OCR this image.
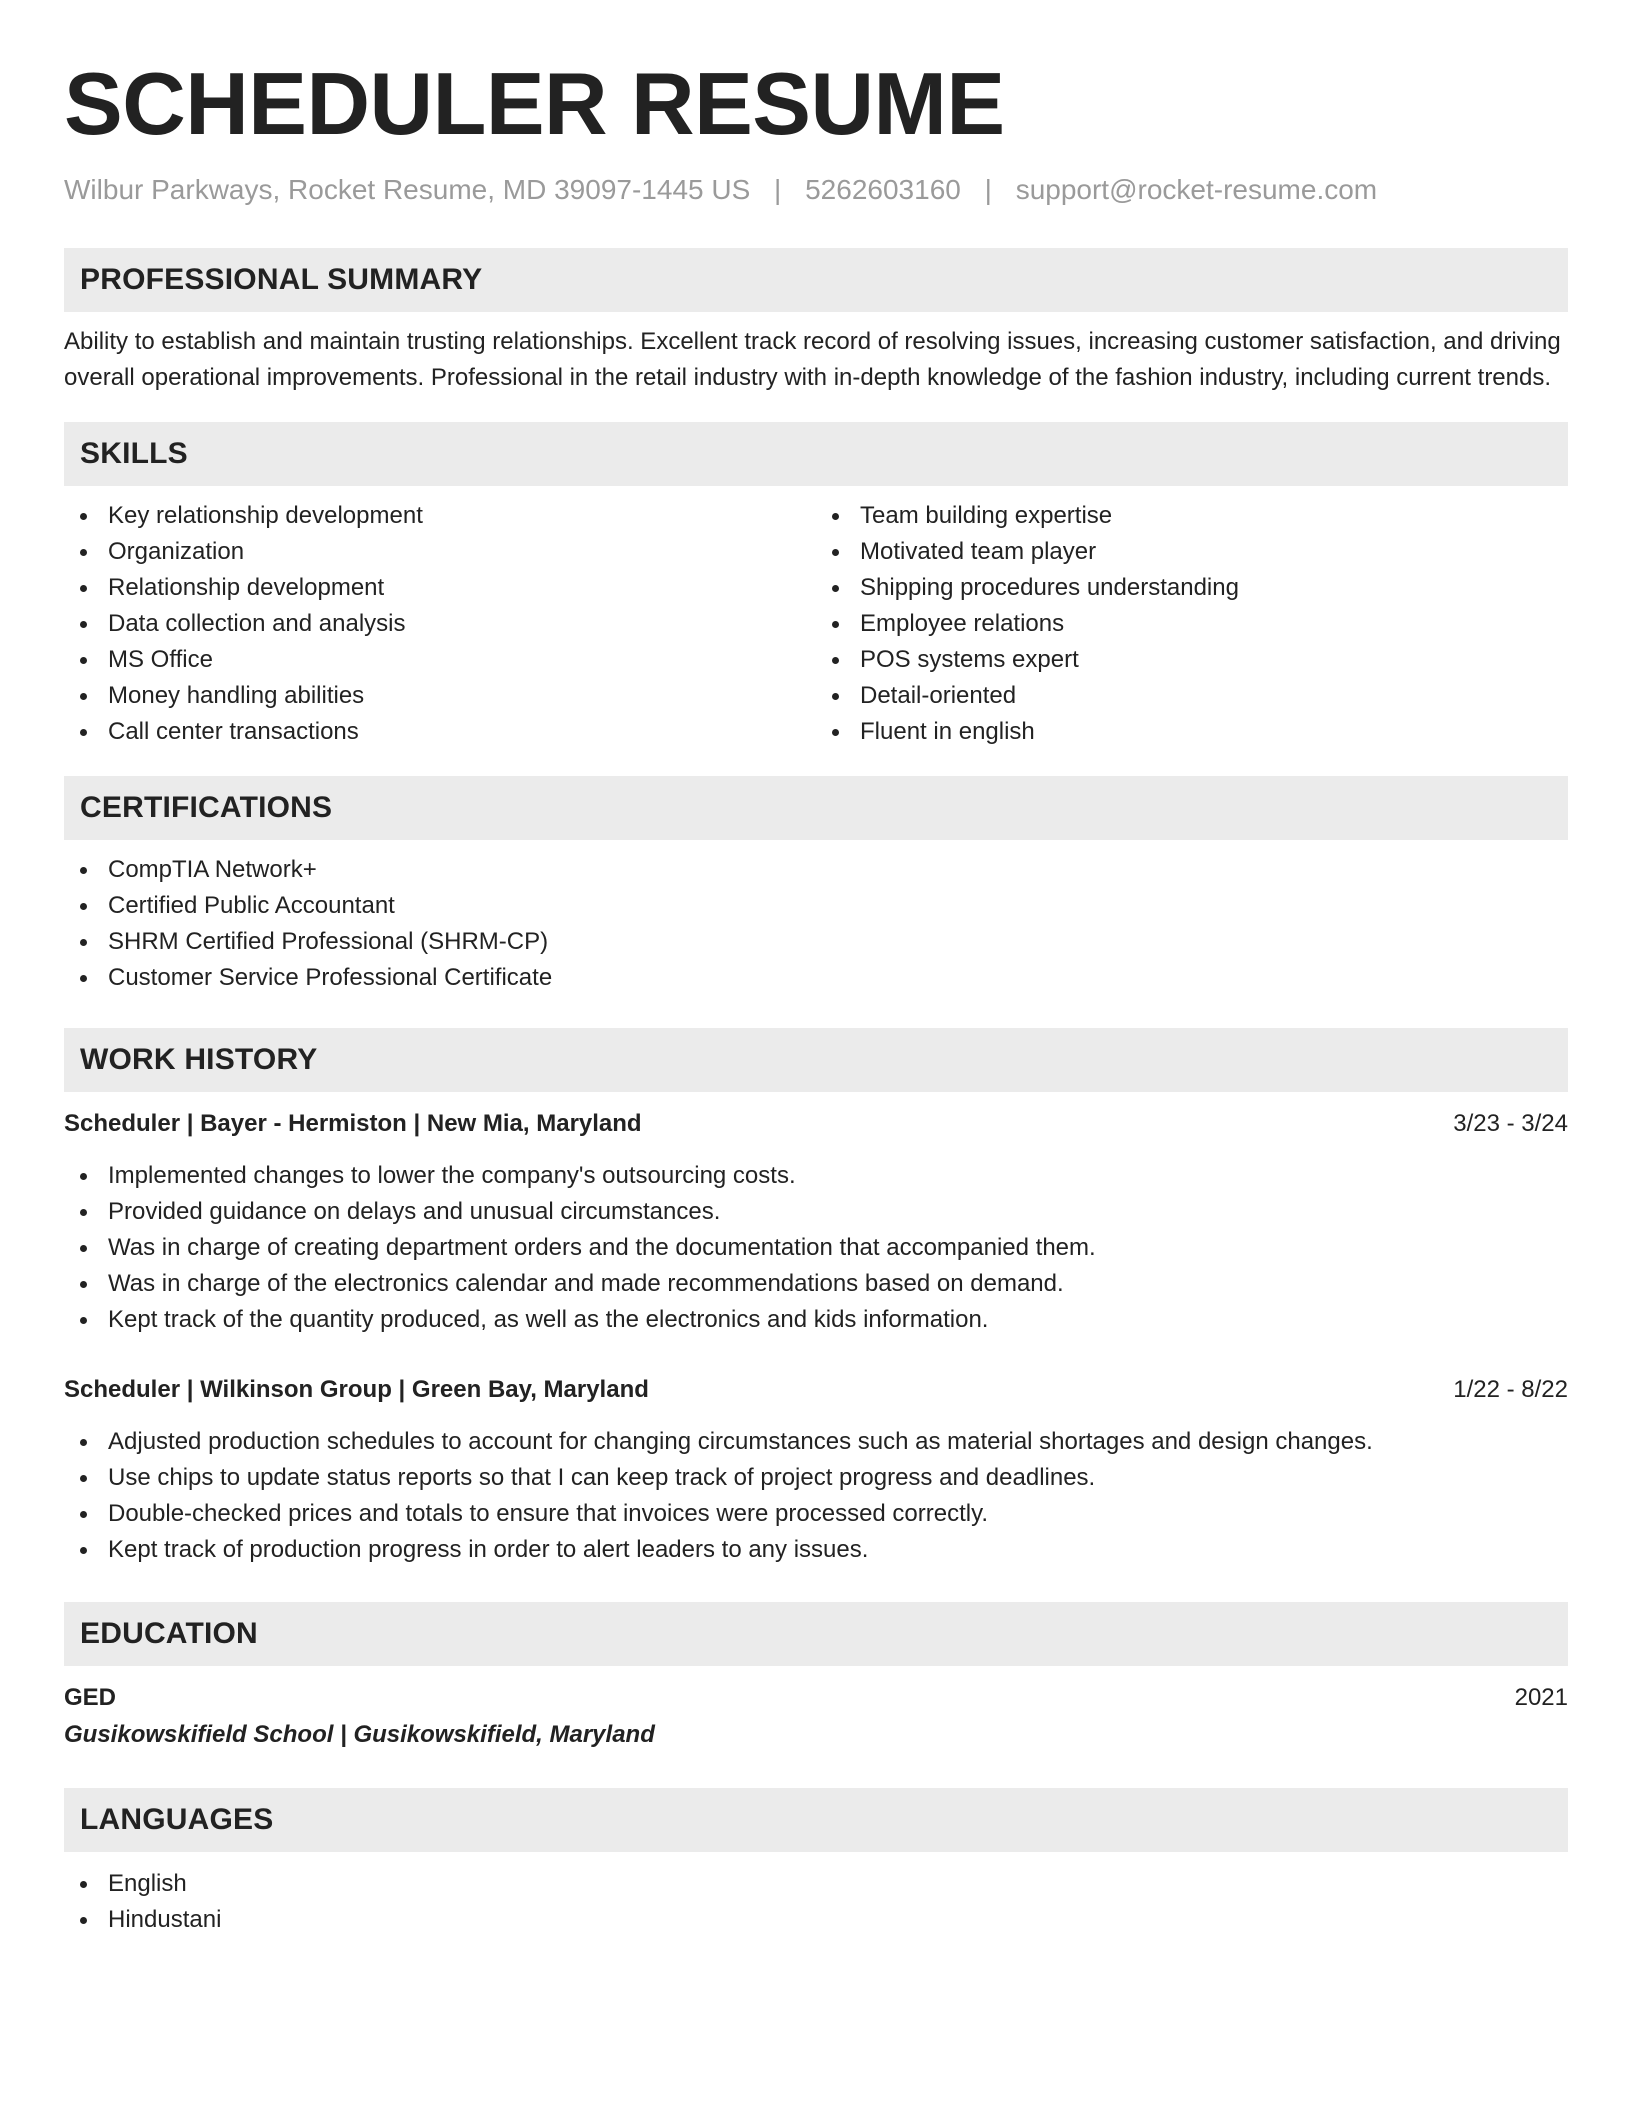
SCHEDULER RESUME
Wilbur Parkways, Rocket Resume, MD 39097-1445 US | 5262603160 | support@rocket-resume.com
PROFESSIONAL SUMMARY

Ability to establish and maintain trusting relationships. Excellent track record of resolving issues, increasing customer satisfaction, and driving overall operational improvements. Professional in the retail industry with in-depth knowledge of the fashion industry, including current trends.

SKILLS
Key relationship development
Organization
Relationship development
Data collection and analysis
MS Office
Money handling abilities
Call center transactions
Team building expertise
Motivated team player
Shipping procedures understanding
Employee relations
POS systems expert
Detail-oriented
Fluent in english
CERTIFICATIONS
CompTIA Network+
Certified Public Accountant
SHRM Certified Professional (SHRM-CP)
Customer Service Professional Certificate
WORK HISTORY
Scheduler | Bayer - Hermiston | New Mia, Maryland	3/23 - 3/24
Implemented changes to lower the company's outsourcing costs.
Provided guidance on delays and unusual circumstances.
Was in charge of creating department orders and the documentation that accompanied them.
Was in charge of the electronics calendar and made recommendations based on demand.
Kept track of the quantity produced, as well as the electronics and kids information.
Scheduler | Wilkinson Group | Green Bay, Maryland	1/22 - 8/22
Adjusted production schedules to account for changing circumstances such as material shortages and design changes.
Use chips to update status reports so that I can keep track of project progress and deadlines.
Double-checked prices and totals to ensure that invoices were processed correctly.
Kept track of production progress in order to alert leaders to any issues.
EDUCATION
GED	2021
Gusikowskifield School | Gusikowskifield, Maryland
LANGUAGES
English
Hindustani
